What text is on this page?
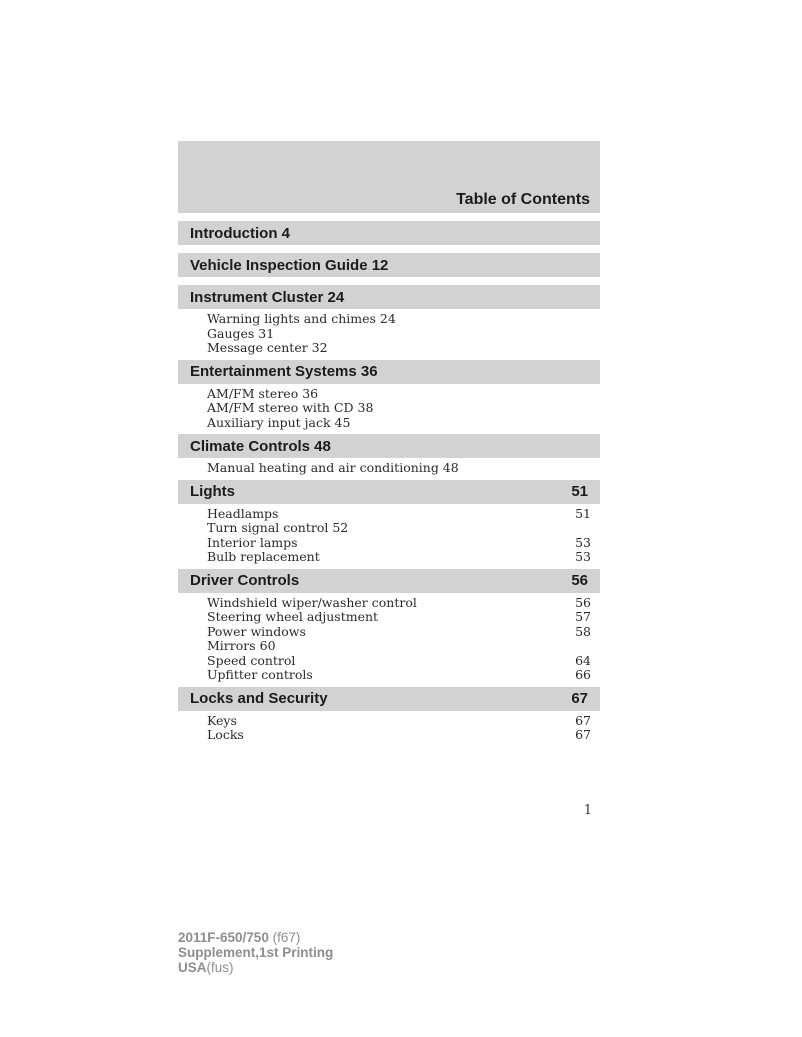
Table of Contents
Introduction 4
Vehicle Inspection Guide 12
Instrument Cluster 24
Warning lights and chimes 24
Gauges 31
Message center 32
Entertainment Systems 36
AM/FM stereo 36
AM/FM stereo with CD 38
Auxiliary input jack 45
Climate Controls 48
Manual heating and air conditioning 48
Lights	51
Headlamps	51
Turn signal control 52
Interior lamps	53
Bulb replacement	53
Driver Controls	56
Windshield wiper/washer control	56
Steering wheel adjustment	57
Power windows	58
Mirrors 60
Speed control	64
Upfitter controls	66
Locks and Security	67
Keys	67
Locks	67
1
2011F-650/750 (f67)
Supplement,1st Printing
USA(fus)
